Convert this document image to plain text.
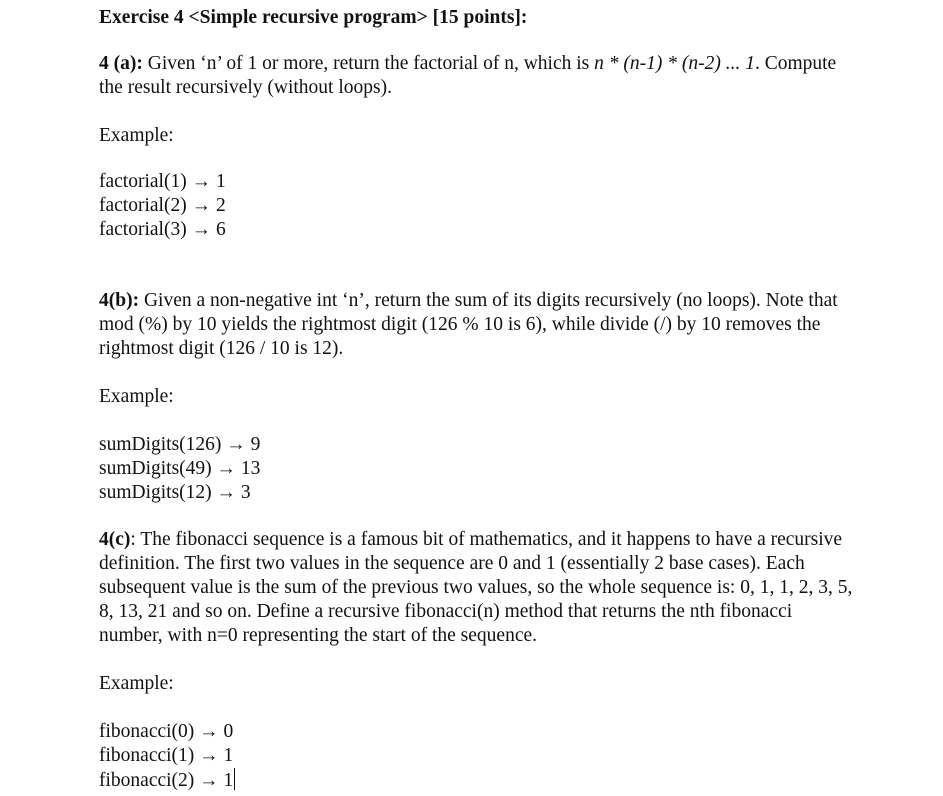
Exercise 4 <Simple recursive program> [15 points]:
4 (a): Given ‘n’ of 1 or more, return the factorial of n, which is n * (n-1) * (n-2) ... 1. Compute
the result recursively (without loops).
Example:
factorial(1) → 1
factorial(2) → 2
factorial(3) → 6
4(b): Given a non-negative int ‘n’, return the sum of its digits recursively (no loops). Note that
mod (%) by 10 yields the rightmost digit (126 % 10 is 6), while divide (/) by 10 removes the
rightmost digit (126 / 10 is 12).
Example:
sumDigits(126) → 9
sumDigits(49) → 13
sumDigits(12) → 3
4(c): The fibonacci sequence is a famous bit of mathematics, and it happens to have a recursive
definition. The first two values in the sequence are 0 and 1 (essentially 2 base cases). Each
subsequent value is the sum of the previous two values, so the whole sequence is: 0, 1, 1, 2, 3, 5,
8, 13, 21 and so on. Define a recursive fibonacci(n) method that returns the nth fibonacci
number, with n=0 representing the start of the sequence.
Example:
fibonacci(0) → 0
fibonacci(1) → 1
fibonacci(2) → 1
